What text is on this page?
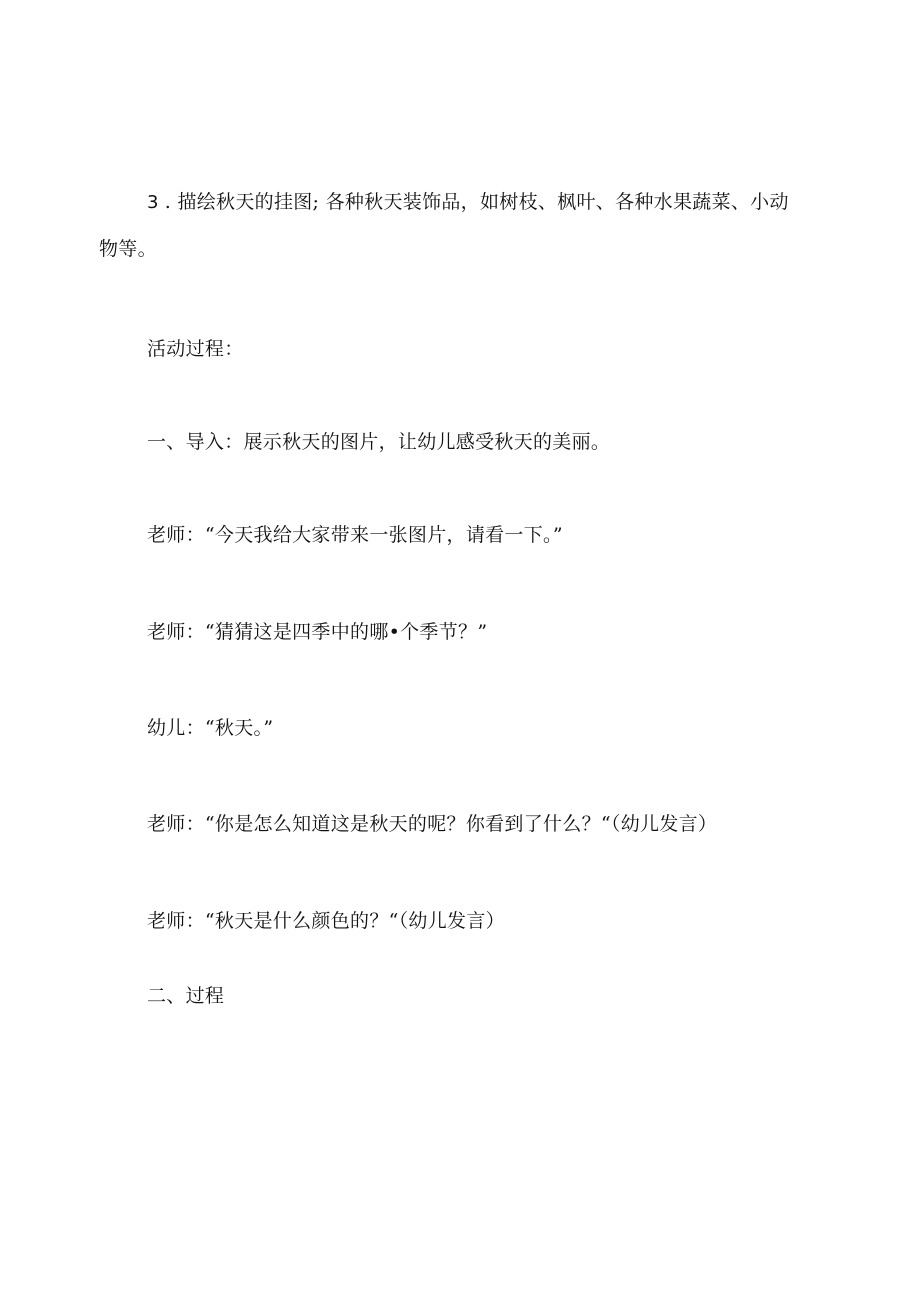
3 . 描绘秋天的挂图; 各种秋天装饰品，如树枝、枫叶、各种水果蔬菜、小动
物等。
活动过程：
一、导入：展示秋天的图片，让幼儿感受秋天的美丽。
老师：“今天我给大家带来一张图片，请看一下。”
老师：“猜猜这是四季中的哪•个季节？”
幼儿：“秋天。”
老师：“你是怎么知道这是秋天的呢？你看到了什么？“（幼儿发言）
老师：“秋天是什么颜色的？“（幼儿发言）
二、过程
